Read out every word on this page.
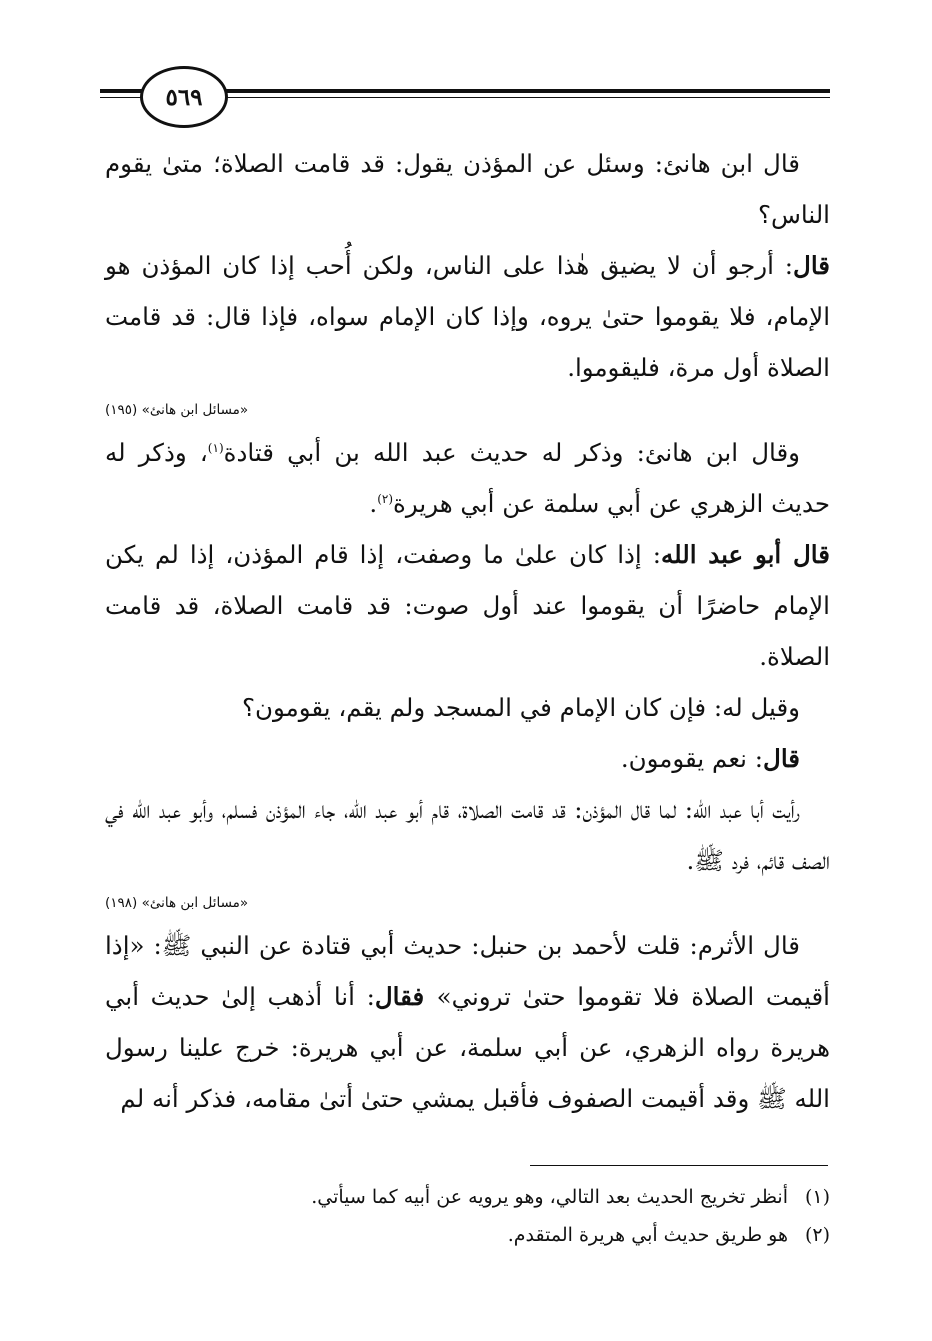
٥٦٩

قال ابن هانئ: وسئل عن المؤذن يقول: قد قامت الصلاة؛ متىٰ يقوم الناس؟

قال: أرجو أن لا يضيق هٰذا على الناس، ولكن أُحب إذا كان المؤذن هو الإمام، فلا يقوموا حتىٰ يروه، وإذا كان الإمام سواه، فإذا قال: قد قامت الصلاة أول مرة، فليقوموا.

«مسائل ابن هانئ» (١٩٥)

وقال ابن هانئ: وذكر له حديث عبد الله بن أبي قتادة$^{(١)}$، وذكر له حديث الزهري عن أبي سلمة عن أبي هريرة$^{(٢)}$.

قال أبو عبد الله: إذا كان علىٰ ما وصفت، إذا قام المؤذن، إذا لم يكن الإمام حاضرًا أن يقوموا عند أول صوت: قد قامت الصلاة، قد قامت الصلاة.

وقيل له: فإن كان الإمام في المسجد ولم يقم، يقومون؟

قال: نعم يقومون.

رأيت أبا عبد الله: لما قال المؤذن: قد قامت الصلاة، قام أبو عبد الله، جاء المؤذن فسلم، وأبو عبد الله في الصف قائم، فرد ﷺ.

«مسائل ابن هانئ» (١٩٨)

قال الأثرم: قلت لأحمد بن حنبل: حديث أبي قتادة عن النبي ﷺ: «إذا أقيمت الصلاة فلا تقوموا حتىٰ تروني» فقال: أنا أذهب إلىٰ حديث أبي هريرة رواه الزهري، عن أبي سلمة، عن أبي هريرة: خرج علينا رسول الله ﷺ وقد أقيمت الصفوف فأقبل يمشي حتىٰ أتىٰ مقامه، فذكر أنه لم

(١)أنظر تخريج الحديث بعد التالي، وهو يرويه عن أبيه كما سيأتي.

(٢)هو طريق حديث أبي هريرة المتقدم.
